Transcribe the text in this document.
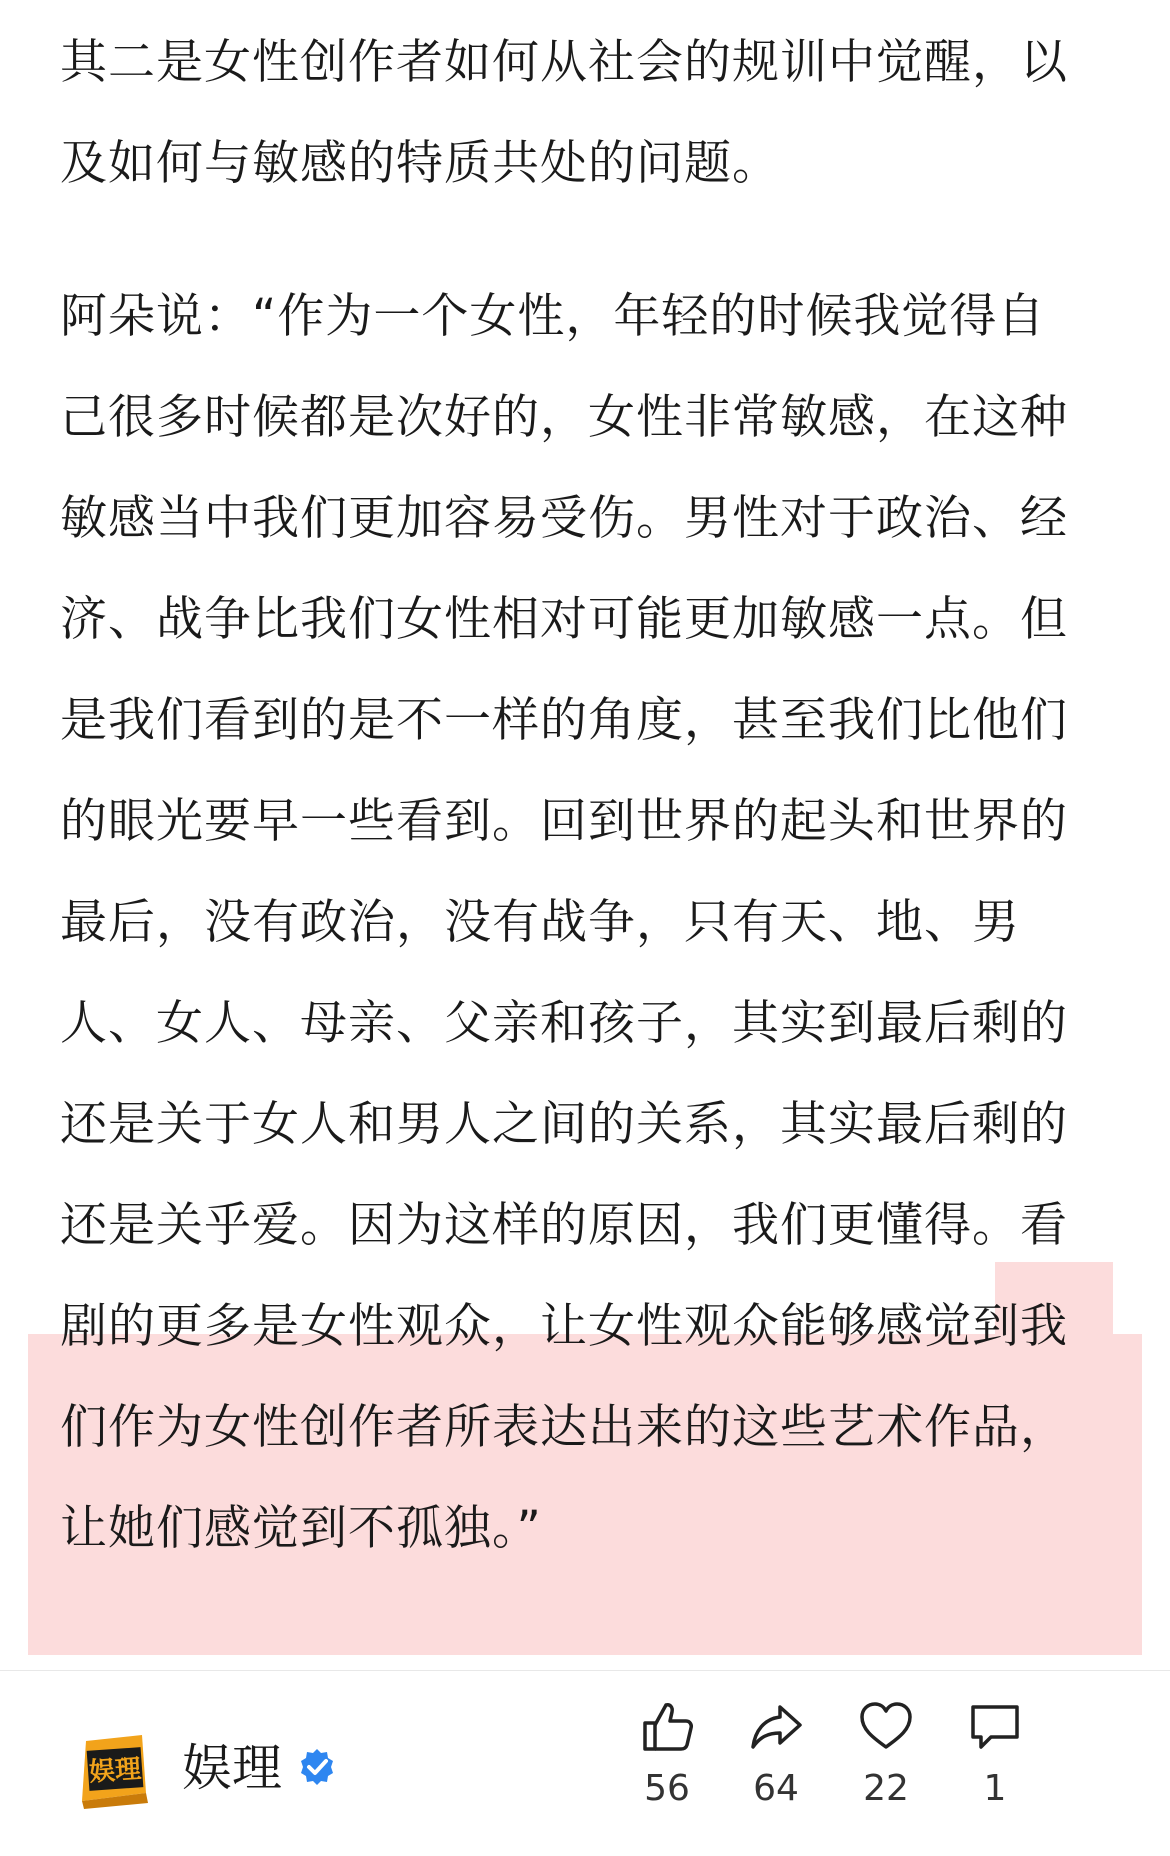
其二是女性创作者如何从社会的规训中觉醒，以
及如何与敏感的特质共处的问题。
阿朵说：“作为一个女性，年轻的时候我觉得自
己很多时候都是次好的，女性非常敏感，在这种
敏感当中我们更加容易受伤。男性对于政治、经
济、战争比我们女性相对可能更加敏感一点。但
是我们看到的是不一样的角度，甚至我们比他们
的眼光要早一些看到。回到世界的起头和世界的
最后，没有政治，没有战争，只有天、地、男
人、女人、母亲、父亲和孩子，其实到最后剩的
还是关于女人和男人之间的关系，其实最后剩的
还是关乎爱。因为这样的原因，我们更懂得。看
剧的更多是女性观众，让女性观众能够感觉到我
们作为女性创作者所表达出来的这些艺术作品，
让她们感觉到不孤独。”
娱理 娱理	56	64	22	1
